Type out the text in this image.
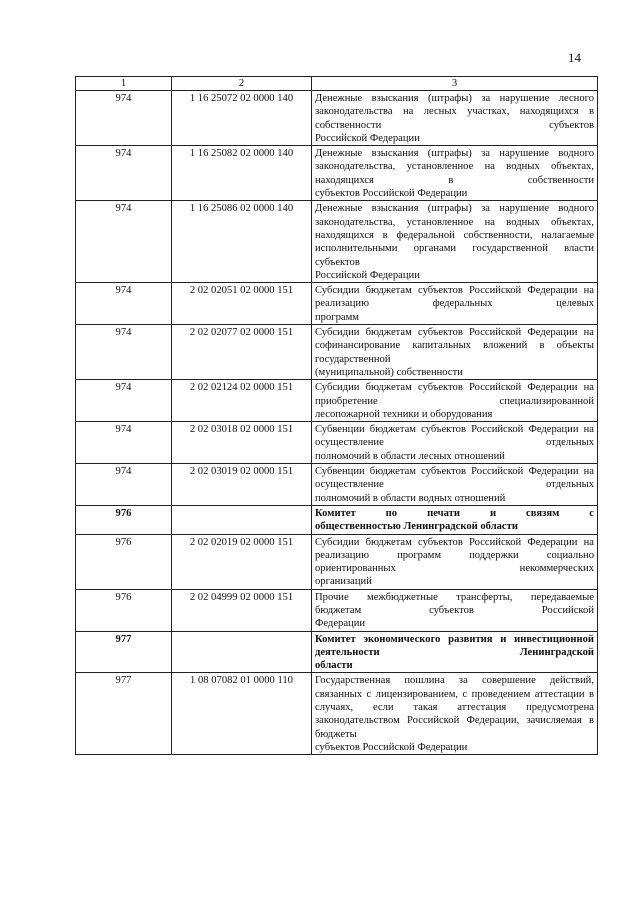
14
1	2	3
974	1 16 25072 02 0000 140	Денежные взыскания (штрафы) за нарушение лесного законодательства на лесных участках, находящихся в собственности субъектов
Российской Федерации

974	1 16 25082 02 0000 140	Денежные взыскания (штрафы) за нарушение водного законодательства, установленное на водных объектах, находящихся в собственности
субъектов Российской Федерации

974	1 16 25086 02 0000 140	Денежные взыскания (штрафы) за нарушение водного законодательства, установленное на водных объектах, находящихся в федеральной собственности, налагаемые исполнительными органами государственной власти субъектов
Российской Федерации

974	2 02 02051 02 0000 151	Субсидии бюджетам субъектов Российской Федерации на реализацию федеральных целевых
программ

974	2 02 02077 02 0000 151	Субсидии бюджетам субъектов Российской Федерации на софинансирование капитальных вложений в объекты государственной
(муниципальной) собственности

974	2 02 02124 02 0000 151	Субсидии бюджетам субъектов Российской Федерации на приобретение специализированной
лесопожарной техники и оборудования

974	2 02 03018 02 0000 151	Субвенции бюджетам субъектов Российской Федерации на осуществление отдельных
полномочий в области лесных отношений

974	2 02 03019 02 0000 151	Субвенции бюджетам субъектов Российской Федерации на осуществление отдельных
полномочий в области водных отношений

976		Комитет по печати и связям с
общественностью Ленинградской области

976	2 02 02019 02 0000 151	Субсидии бюджетам субъектов Российской Федерации на реализацию программ поддержки социально ориентированных некоммерческих
организаций

976	2 02 04999 02 0000 151	Прочие межбюджетные трансферты, передаваемые бюджетам субъектов Российской
Федерации

977		Комитет экономического развития и инвестиционной деятельности Ленинградской
области

977	1 08 07082 01 0000 110	Государственная пошлина за совершение действий, связанных с лицензированием, с проведением аттестации в случаях, если такая аттестация предусмотрена законодательством Российской Федерации, зачисляемая в бюджеты
субъектов Российской Федерации
